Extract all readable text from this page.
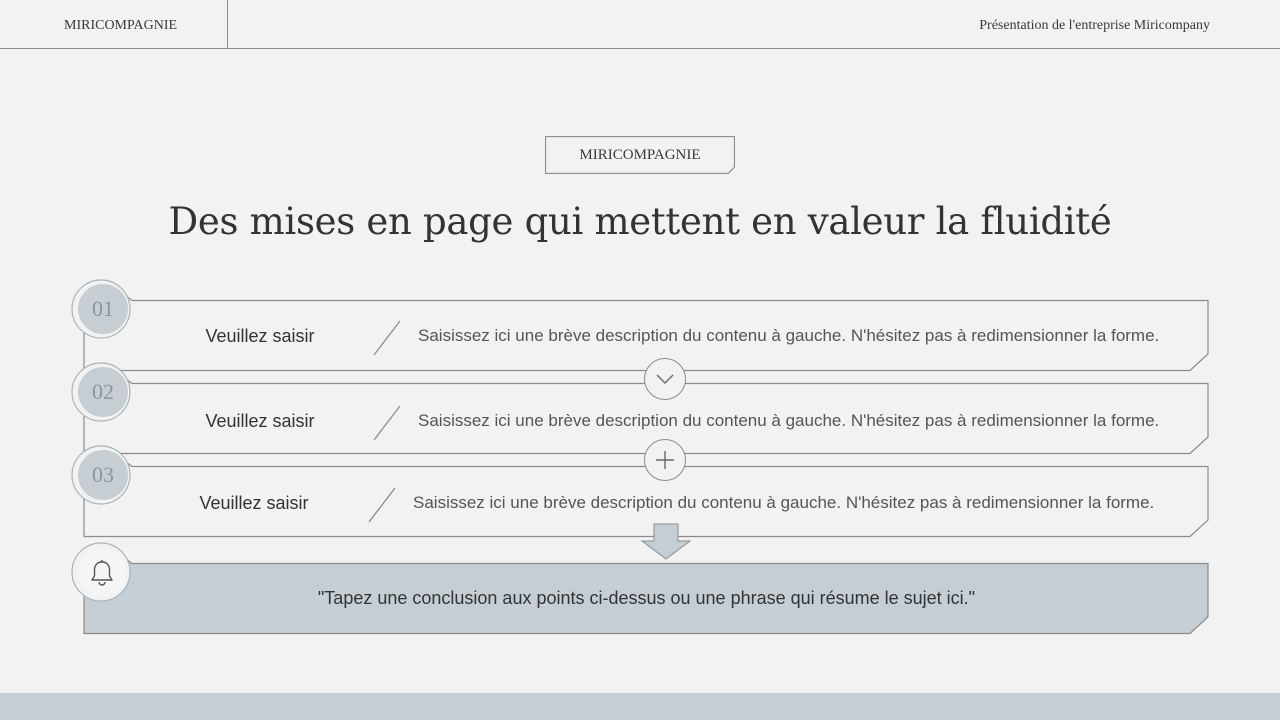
MIRICOMPAGNIE	Présentation de l'entreprise Miricompany
MIRICOMPAGNIE
Des mises en page qui mettent en valeur la fluidité
01
Veuillez saisir	Saisissez ici une brève description du contenu à gauche. N'hésitez pas à redimensionner la forme.
02
Veuillez saisir	Saisissez ici une brève description du contenu à gauche. N'hésitez pas à redimensionner la forme.
03
Veuillez saisir	Saisissez ici une brève description du contenu à gauche. N'hésitez pas à redimensionner la forme.
"Tapez une conclusion aux points ci-dessus ou une phrase qui résume le sujet ici."
